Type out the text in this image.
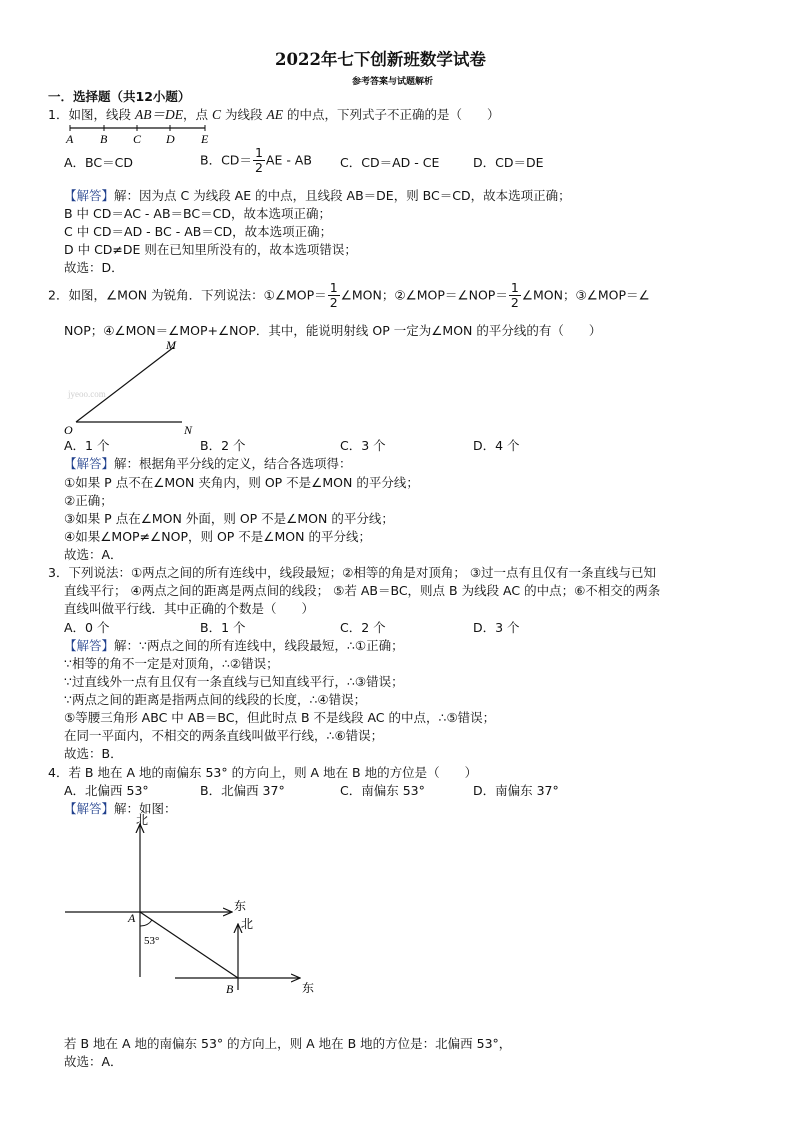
2022年七下创新班数学试卷
参考答案与试题解析
一．选择题（共12小题）
1．如图，线段 AB＝DE，点 C 为线段 AE 的中点，下列式子不正确的是（　　）
A B C D E
A．BC＝CD	B．$CD= \frac{1}{2}$ AE - AB C．CD＝AD - CE	D．CD＝DE
【解答】解：因为点 C 为线段 AE 的中点，且线段 AB＝DE，则 BC＝CD，故本选项正确；
B 中 CD＝AC - AB＝BC＝CD，故本选项正确；
C 中 CD＝AD - BC - AB＝CD，故本选项正确；
D 中 CD≠DE 则在已知里所没有的，故本选项错误；
故选：D．
2．如图，∠MON 为锐角．下列说法：①∠MOP＝ $\frac{1}{2}$ ∠MON；②∠MOP＝∠NOP＝ $\frac{1}{2}$ ∠MON；③∠MOP＝∠
NOP；④∠MON＝∠MOP+∠NOP．其中，能说明射线 OP 一定为∠MON 的平分线的有（　　）
M
O	N
jyeoo.com
A．1 个	B．2 个	C．3 个	D．4 个
【解答】解：根据角平分线的定义，结合各选项得：
①如果 P 点不在∠MON 夹角内，则 OP 不是∠MON 的平分线；
②正确；
③如果 P 点在∠MON 外面，则 OP 不是∠MON 的平分线；
④如果∠MOP≠∠NOP，则 OP 不是∠MON 的平分线；
故选：A．
3．下列说法：①两点之间的所有连线中，线段最短；②相等的角是对顶角； ③过一点有且仅有一条直线与已知
直线平行； ④两点之间的距离是两点间的线段； ⑤若 AB＝BC，则点 B 为线段 AC 的中点；⑥不相交的两条
直线叫做平行线．其中正确的个数是（　　）
A．0 个	B．1 个	C．2 个	D．3 个
【解答】解：∵两点之间的所有连线中，线段最短，∴①正确；
∵相等的角不一定是对顶角，∴②错误；
∵过直线外一点有且仅有一条直线与已知直线平行，∴③错误；
∵两点之间的距离是指两点间的线段的长度，∴④错误；
⑤等腰三角形 ABC 中 AB＝BC，但此时点 B 不是线段 AC 的中点，∴⑤错误；
在同一平面内，不相交的两条直线叫做平行线，∴⑥错误；
故选：B．
4．若 B 地在 A 地的南偏东 53° 的方向上，则 A 地在 B 地的方位是（　　）
A．北偏西 53°	B．北偏西 37°	C．南偏东 53°	D．南偏东 37°
【解答】解：如图：
北
东
A
53°
北
东
B
若 B 地在 A 地的南偏东 53° 的方向上，则 A 地在 B 地的方位是：北偏西 53°，
故选：A．
